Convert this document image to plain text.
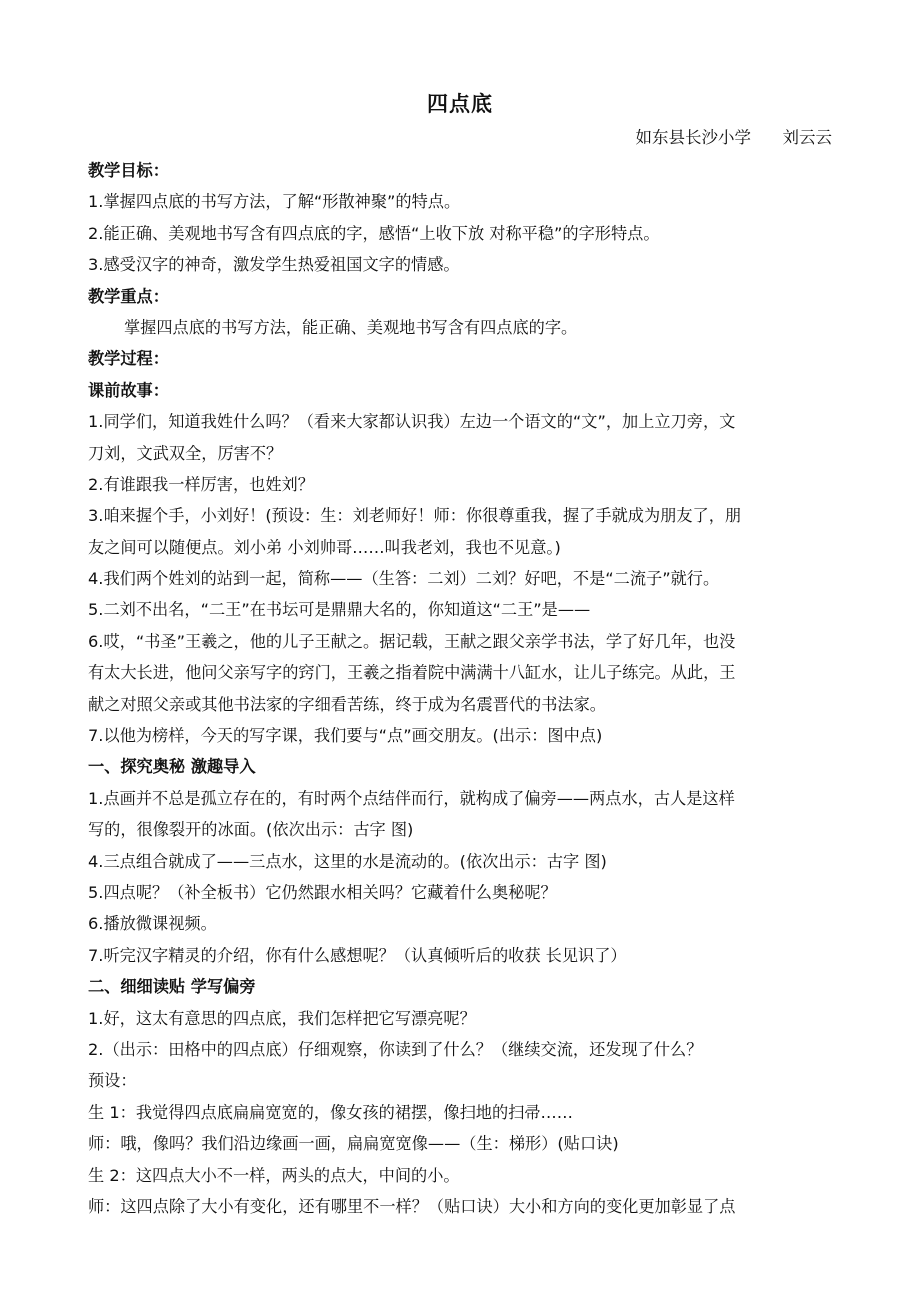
四点底
如东县长沙小学      刘云云
教学目标：
1.掌握四点底的书写方法，了解“形散神聚”的特点。
2.能正确、美观地书写含有四点底的字，感悟“上收下放 对称平稳”的字形特点。
3.感受汉字的神奇，激发学生热爱祖国文字的情感。
教学重点：
掌握四点底的书写方法，能正确、美观地书写含有四点底的字。
教学过程：
课前故事：
1.同学们，知道我姓什么吗？（看来大家都认识我）左边一个语文的“文”，加上立刀旁，文
刀刘，文武双全，厉害不？
2.有谁跟我一样厉害，也姓刘？
3.咱来握个手，小刘好！(预设：生：刘老师好！师：你很尊重我，握了手就成为朋友了，朋
友之间可以随便点。刘小弟 小刘帅哥……叫我老刘，我也不见意。)
4.我们两个姓刘的站到一起，简称——（生答：二刘）二刘？好吧，不是“二流子”就行。
5.二刘不出名，“二王”在书坛可是鼎鼎大名的，你知道这“二王”是——
6.哎，“书圣”王羲之，他的儿子王献之。据记载，王献之跟父亲学书法，学了好几年，也没
有太大长进，他问父亲写字的窍门，王羲之指着院中满满十八缸水，让儿子练完。从此，王
献之对照父亲或其他书法家的字细看苦练，终于成为名震晋代的书法家。
7.以他为榜样，今天的写字课，我们要与“点”画交朋友。(出示：图中点)
一、探究奥秘 激趣导入
1.点画并不总是孤立存在的，有时两个点结伴而行，就构成了偏旁——两点水，古人是这样
写的，很像裂开的冰面。(依次出示：古字 图)
4.三点组合就成了——三点水，这里的水是流动的。(依次出示：古字 图)
5.四点呢？（补全板书）它仍然跟水相关吗？它藏着什么奥秘呢？
6.播放微课视频。
7.听完汉字精灵的介绍，你有什么感想呢？（认真倾听后的收获 长见识了）
二、细细读贴 学写偏旁
1.好，这太有意思的四点底，我们怎样把它写漂亮呢？
2.（出示：田格中的四点底）仔细观察，你读到了什么？（继续交流，还发现了什么？
预设：
生 1：我觉得四点底扁扁宽宽的，像女孩的裙摆，像扫地的扫帚……
师：哦，像吗？我们沿边缘画一画，扁扁宽宽像——（生：梯形）(贴口诀)
生 2：这四点大小不一样，两头的点大，中间的小。
师：这四点除了大小有变化，还有哪里不一样？（贴口诀）大小和方向的变化更加彰显了点
